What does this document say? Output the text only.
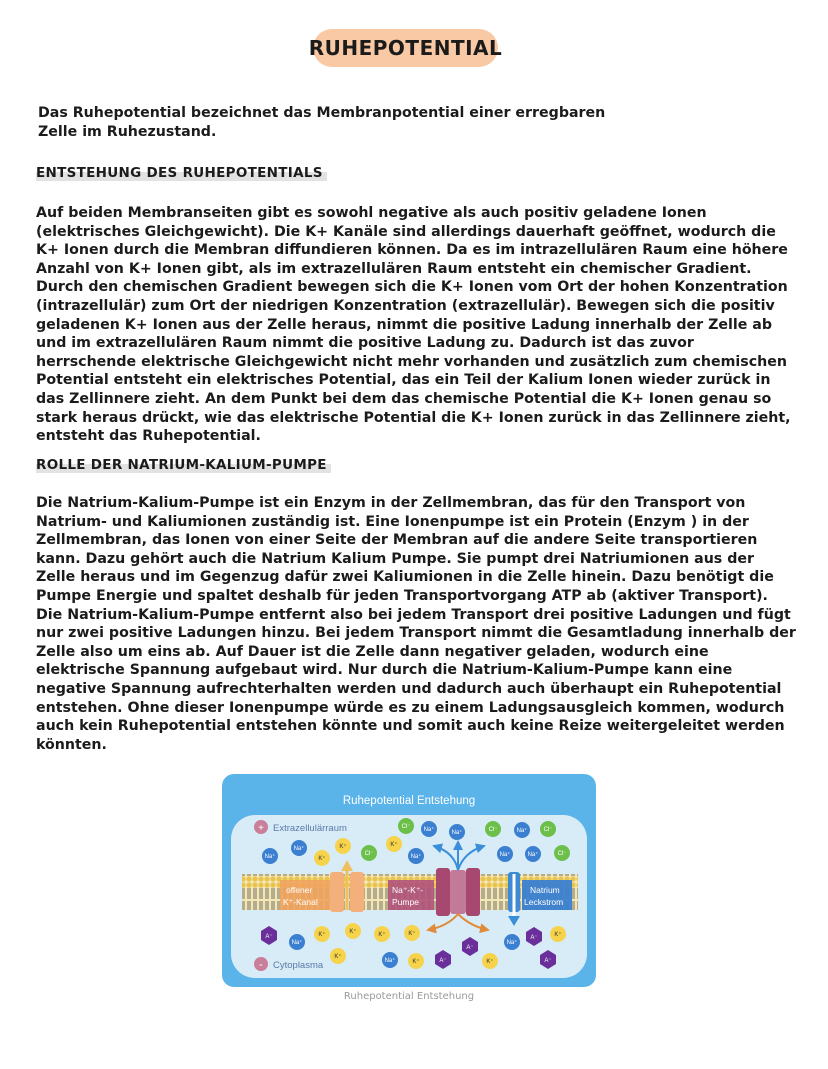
RUHEPOTENTIAL

Das Ruhepotential bezeichnet das Membranpotential einer erregbaren Zelle im Ruhezustand.

ENTSTEHUNG DES RUHEPOTENTIALS

Auf beiden Membranseiten gibt es sowohl negative als auch positiv geladene Ionen (elektrisches Gleichgewicht). Die K+ Kanäle sind allerdings dauerhaft geöffnet, wodurch die K+ Ionen durch die Membran diffundieren können. Da es im intrazellulären Raum eine höhere Anzahl von K+ Ionen gibt, als im extrazellulären Raum entsteht ein chemischer Gradient. Durch den chemischen Gradient bewegen sich die K+ Ionen vom Ort der hohen Konzentration (intrazellulär) zum Ort der niedrigen Konzentration (extrazellulär). Bewegen sich die positiv geladenen K+ Ionen aus der Zelle heraus, nimmt die positive Ladung innerhalb der Zelle ab und im extrazellulären Raum nimmt die positive Ladung zu. Dadurch ist das zuvor herrschende elektrische Gleichgewicht nicht mehr vorhanden und zusätzlich zum chemischen Potential entsteht ein elektrisches Potential, das ein Teil der Kalium Ionen wieder zurück in das Zellinnere zieht. An dem Punkt bei dem das chemische Potential die K+ Ionen genau so stark heraus drückt, wie das elektrische Potential die K+ Ionen zurück in das Zellinnere zieht, entsteht das Ruhepotential.

ROLLE DER NATRIUM-KALIUM-PUMPE

Die Natrium-Kalium-Pumpe ist ein Enzym in der Zellmembran, das für den Transport von Natrium- und Kaliumionen zuständig ist. Eine Ionenpumpe ist ein Protein (Enzym ) in der Zellmembran, das Ionen von einer Seite der Membran auf die andere Seite transportieren kann. Dazu gehört auch die Natrium Kalium Pumpe. Sie pumpt drei Natriumionen aus der Zelle heraus und im Gegenzug dafür zwei Kaliumionen in die Zelle hinein. Dazu benötigt die Pumpe Energie und spaltet deshalb für jeden Transportvorgang ATP ab (aktiver Transport). Die Natrium-Kalium-Pumpe entfernt also bei jedem Transport drei positive Ladungen und fügt nur zwei positive Ladungen hinzu. Bei jedem Transport nimmt die Gesamtladung innerhalb der Zelle also um eins ab. Auf Dauer ist die Zelle dann negativer geladen, wodurch eine elektrische Spannung aufgebaut wird. Nur durch die Natrium-Kalium-Pumpe kann eine negative Spannung aufrechterhalten werden und dadurch auch überhaupt ein Ruhepotential entstehen. Ohne dieser Ionenpumpe würde es zu einem Ladungsausgleich kommen, wodurch auch kein Ruhepotential entstehen könnte und somit auch keine Reize weitergeleitet werden könnten.

Ruhepotential Entstehung
offener
K⁺-Kanal
Na⁺-K⁺-
Pumpe
Natrium
Leckstrom
+ Extrazellulärraum
- Cytoplasma
Na⁺
Na⁺
K⁺
K⁺
Cl⁻
K⁺
Na⁺
Na⁺
Cl⁻
Na⁺	Cl⁻	Na⁺	Cl⁻
Na⁺	Na⁺	Cl⁻
A⁻
Na⁺
K⁺	K⁺
K⁺
K⁺
Na⁺
K⁺
K⁺	A⁻
A⁻
K⁺
Na⁺
A⁻	K⁺
A⁻
Ruhepotential Entstehung
